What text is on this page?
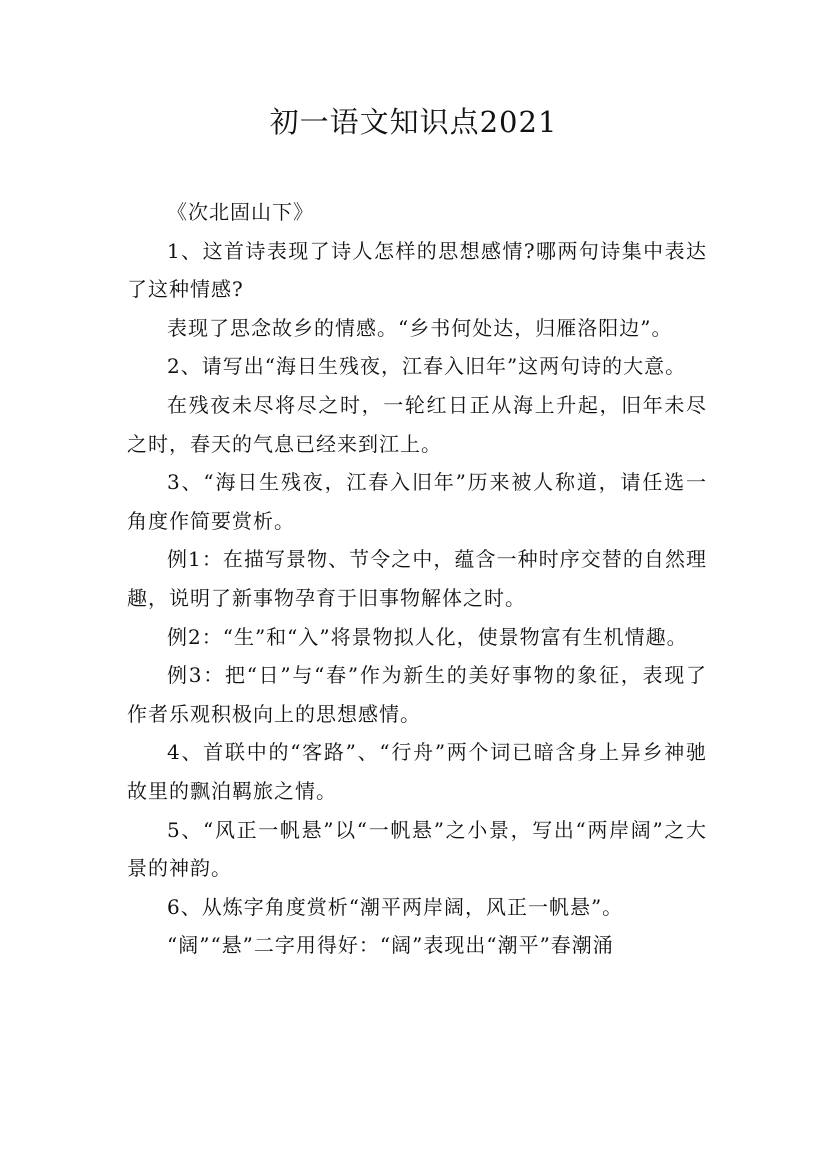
初一语文知识点2021

《次北固山下》

1、这首诗表现了诗人怎样的思想感情?哪两句诗集中表达了这种情感?

表现了思念故乡的情感。“乡书何处达，归雁洛阳边”。

2、请写出“海日生残夜，江春入旧年”这两句诗的大意。

在残夜未尽将尽之时，一轮红日正从海上升起，旧年未尽之时，春天的气息已经来到江上。

3、“海日生残夜，江春入旧年”历来被人称道，请任选一角度作简要赏析。

例1：在描写景物、节令之中，蕴含一种时序交替的自然理趣，说明了新事物孕育于旧事物解体之时。

例2：“生”和“入”将景物拟人化，使景物富有生机情趣。

例3：把“日”与“春”作为新生的美好事物的象征，表现了作者乐观积极向上的思想感情。

4、首联中的“客路”、“行舟”两个词已暗含身上异乡神驰故里的飘泊羁旅之情。

5、“风正一帆悬”以“一帆悬”之小景，写出“两岸阔”之大景的神韵。

6、从炼字角度赏析“潮平两岸阔，风正一帆悬”。

“阔”“悬”二字用得好：“阔”表现出“潮平”春潮涌
